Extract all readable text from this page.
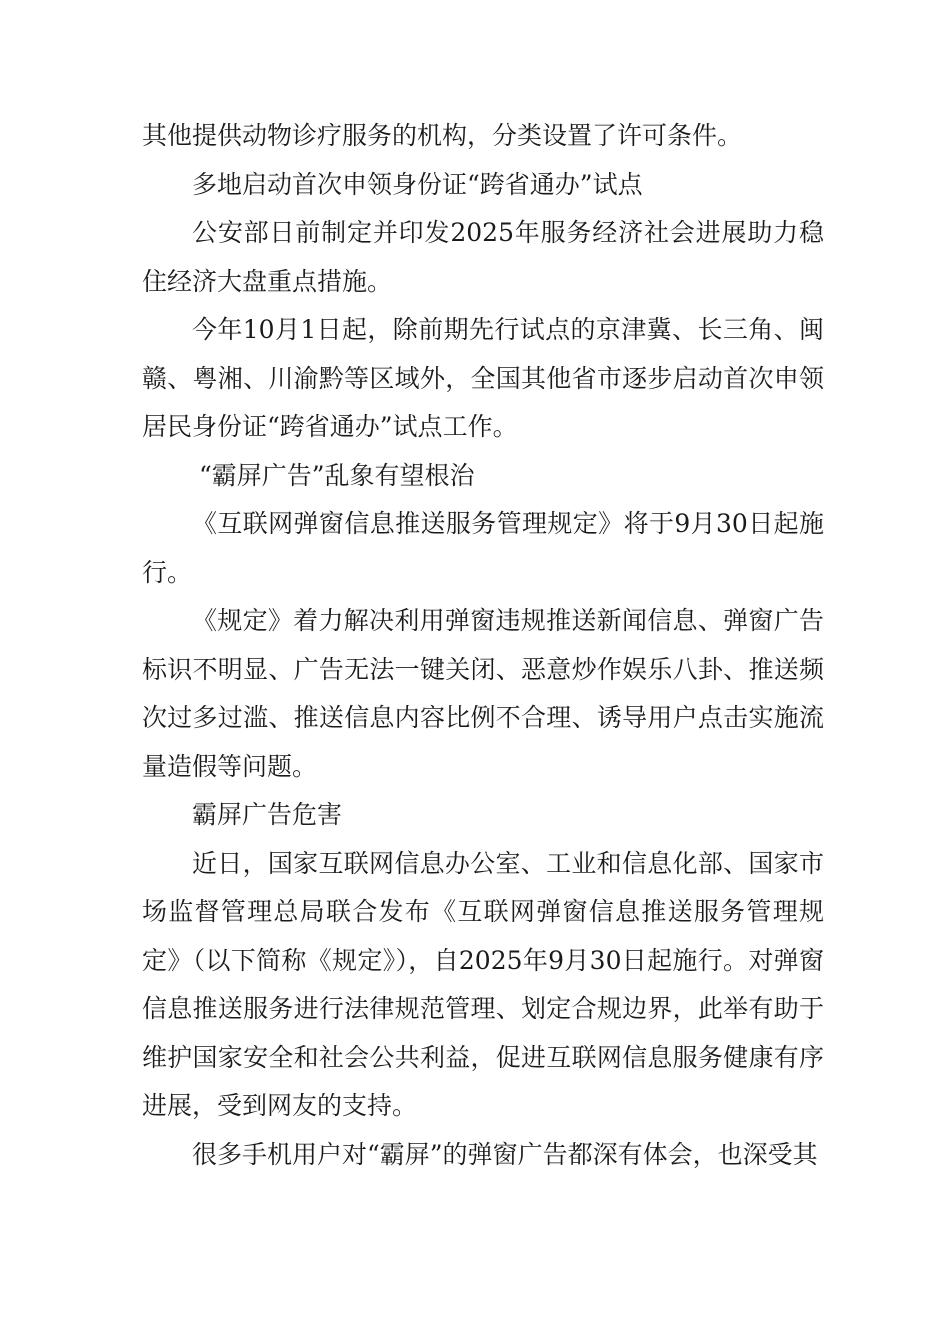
其他提供动物诊疗服务的机构，分类设置了许可条件。

多地启动首次申领身份证“跨省通办”试点

公安部日前制定并印发2025年服务经济社会进展助力稳住经济大盘重点措施。

今年10月1日起，除前期先行试点的京津冀、长三角、闽赣、粤湘、川渝黔等区域外，全国其他省市逐步启动首次申领居民身份证“跨省通办”试点工作。

“霸屏广告”乱象有望根治

《互联网弹窗信息推送服务管理规定》将于9月30日起施行。

《规定》着力解决利用弹窗违规推送新闻信息、弹窗广告标识不明显、广告无法一键关闭、恶意炒作娱乐八卦、推送频次过多过滥、推送信息内容比例不合理、诱导用户点击实施流量造假等问题。

霸屏广告危害

近日，国家互联网信息办公室、工业和信息化部、国家市场监督管理总局联合发布《互联网弹窗信息推送服务管理规定》（以下简称《规定》），自2025年9月30日起施行。对弹窗信息推送服务进行法律规范管理、划定合规边界，此举有助于维护国家安全和社会公共利益，促进互联网信息服务健康有序进展，受到网友的支持。

很多手机用户对“霸屏”的弹窗广告都深有体会，也深受其
